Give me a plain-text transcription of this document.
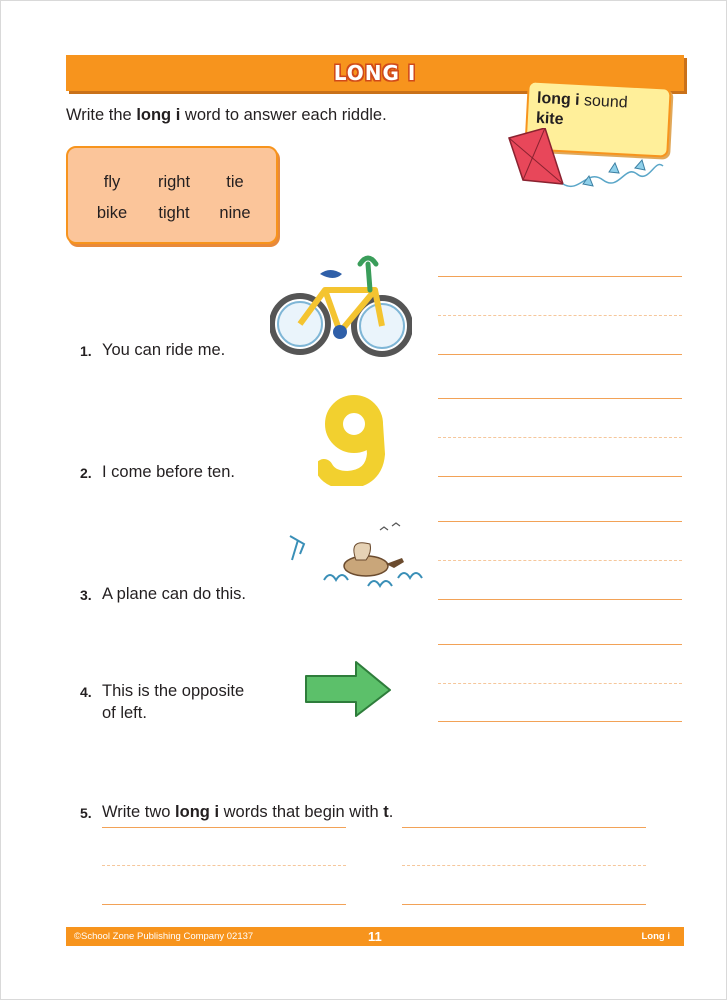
LONG I
Write the long i word to answer each riddle.
long i sound
kite
fly right tie
bike tight nine
1. You can ride me.
2. I come before ten.
3. A plane can do this.
4. This is the opposite
of left.
5. Write two long i words that begin with t.
©School Zone Publishing Company 02137	11	Long i
